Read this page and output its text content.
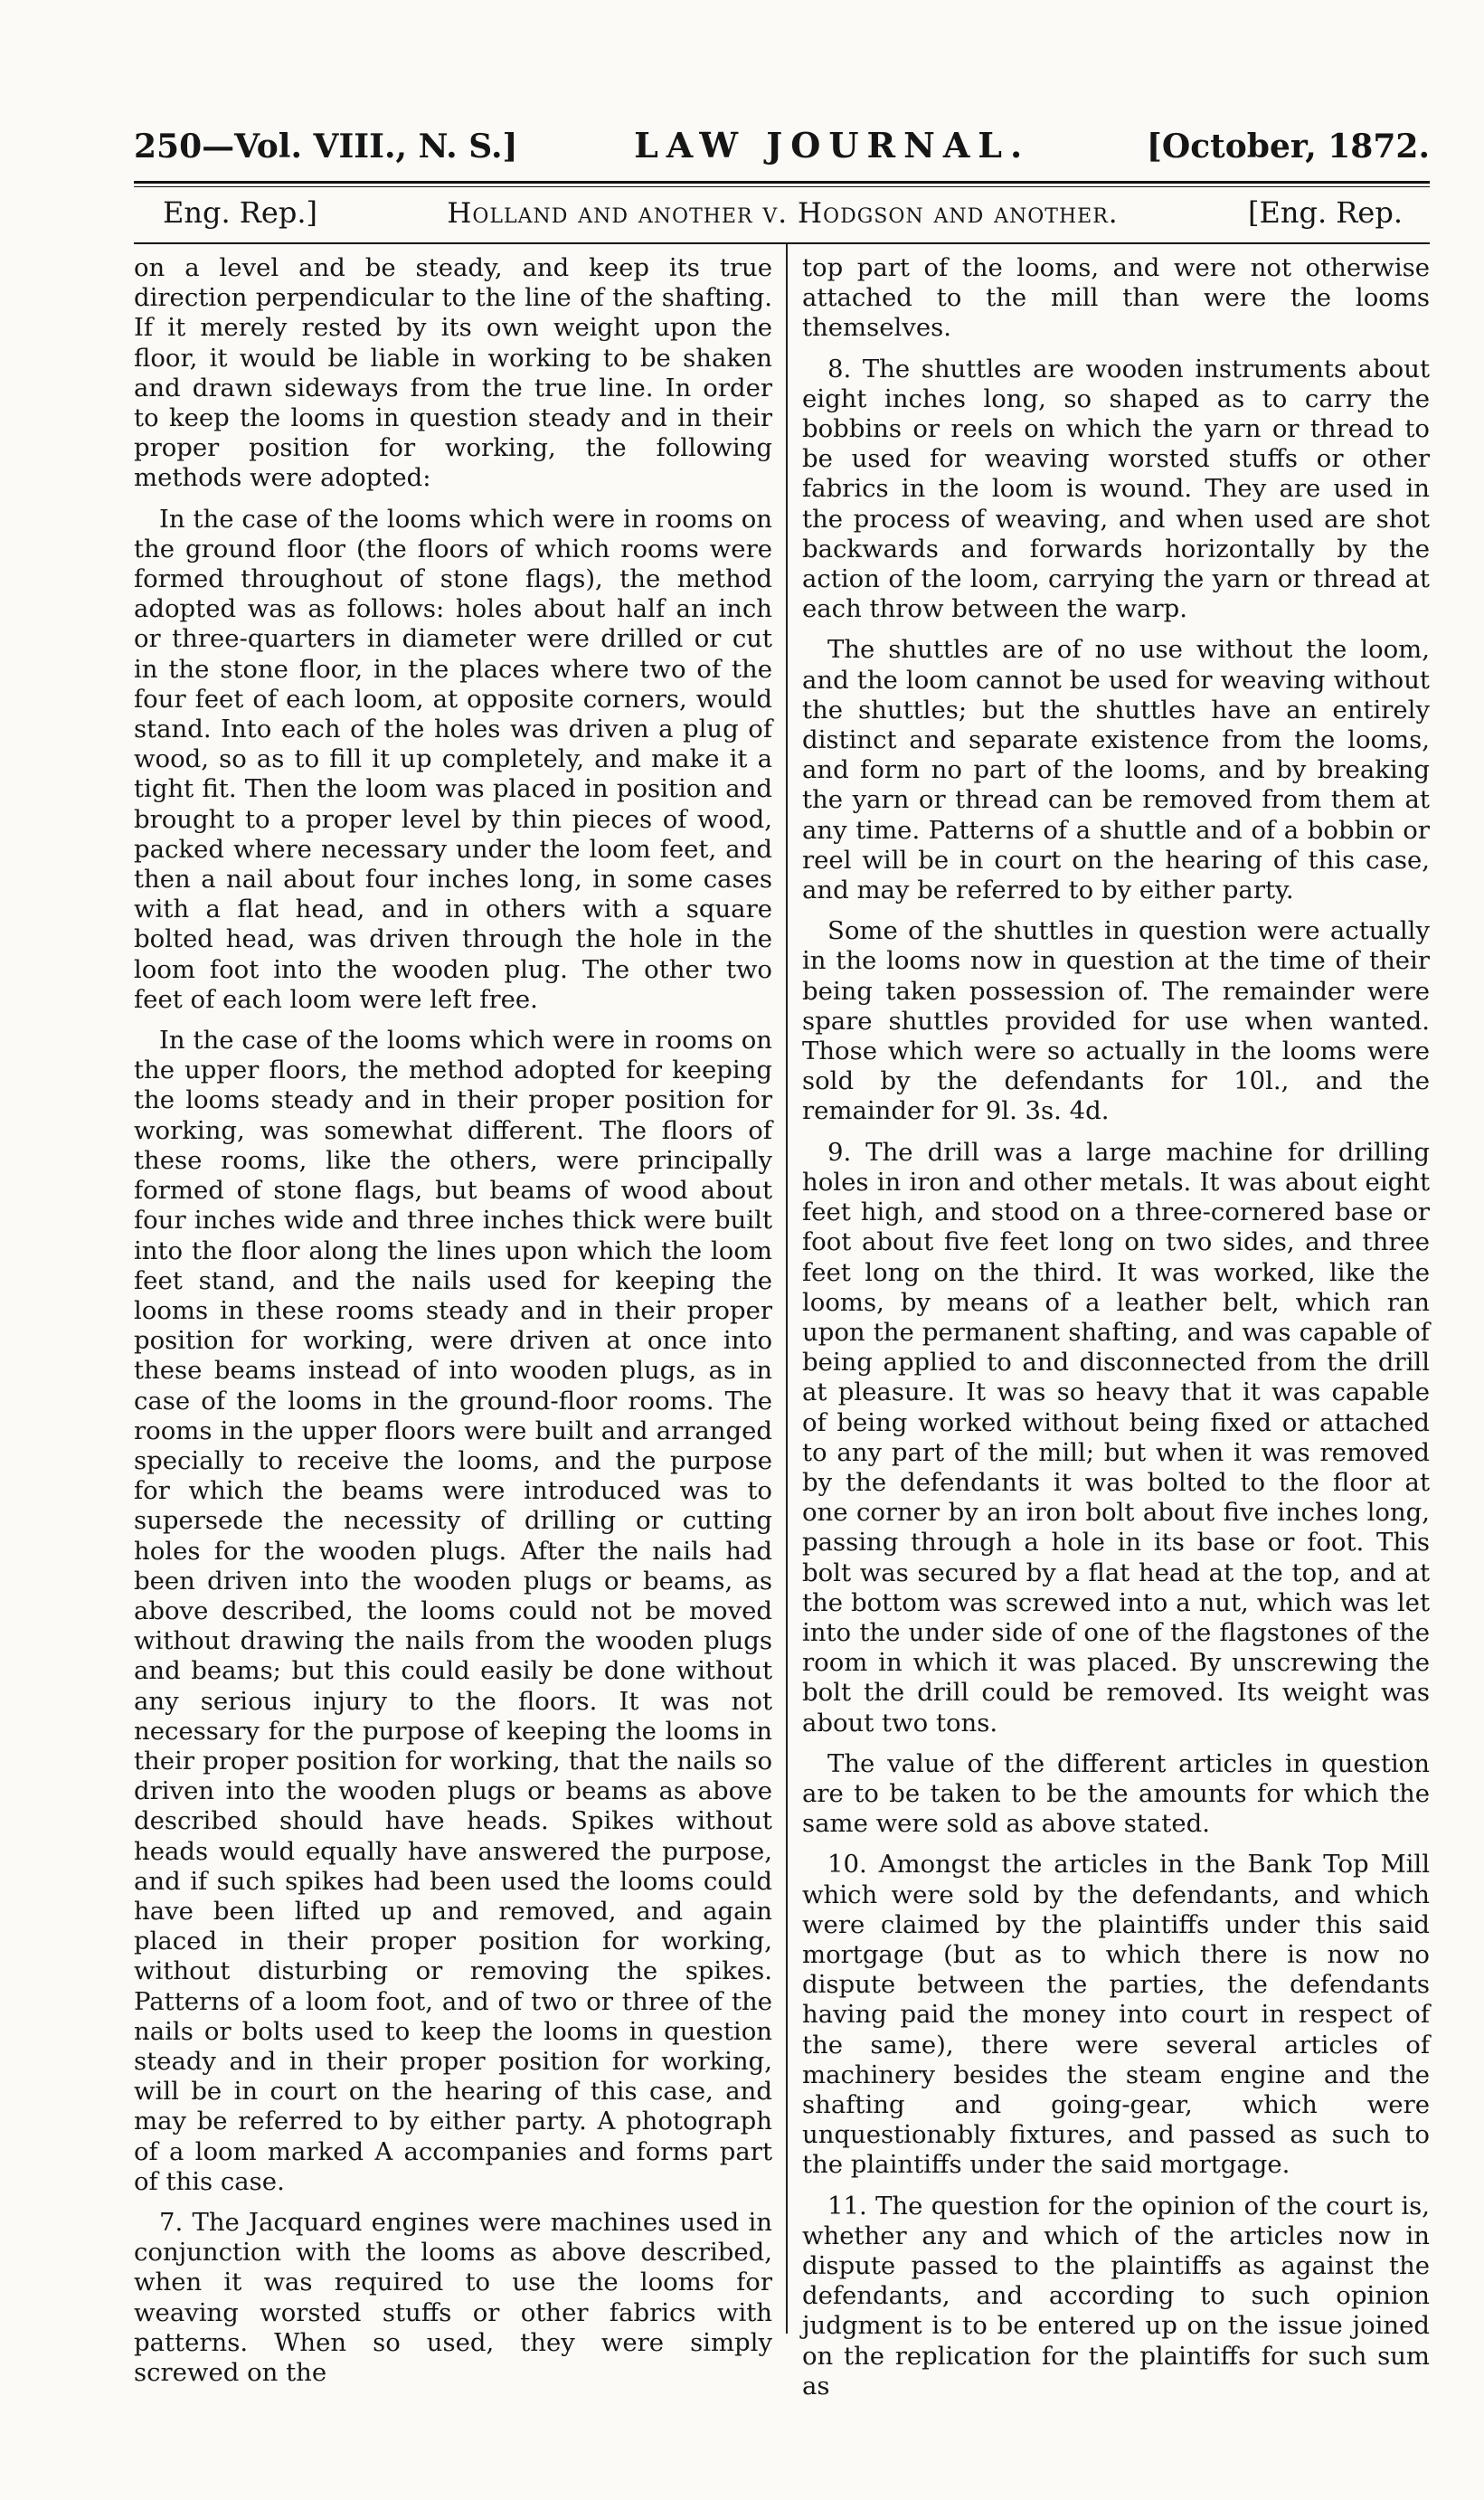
250—Vol. VIII., N. S.]	LAW JOURNAL.	[October, 1872.
Eng. Rep.]	Holland and another v. Hodgson and another.	[Eng. Rep.

on a level and be steady, and keep its true direction perpendicular to the line of the shafting. If it merely rested by its own weight upon the floor, it would be liable in working to be shaken and drawn sideways from the true line. In order to keep the looms in question steady and in their proper position for working, the following methods were adopted:

In the case of the looms which were in rooms on the ground floor (the floors of which rooms were formed throughout of stone flags), the method adopted was as follows: holes about half an inch or three-quarters in diameter were drilled or cut in the stone floor, in the places where two of the four feet of each loom, at opposite corners, would stand. Into each of the holes was driven a plug of wood, so as to fill it up completely, and make it a tight fit. Then the loom was placed in position and brought to a proper level by thin pieces of wood, packed where necessary under the loom feet, and then a nail about four inches long, in some cases with a flat head, and in others with a square bolted head, was driven through the hole in the loom foot into the wooden plug. The other two feet of each loom were left free.

In the case of the looms which were in rooms on the upper floors, the method adopted for keeping the looms steady and in their proper position for working, was somewhat different. The floors of these rooms, like the others, were principally formed of stone flags, but beams of wood about four inches wide and three inches thick were built into the floor along the lines upon which the loom feet stand, and the nails used for keeping the looms in these rooms steady and in their proper position for working, were driven at once into these beams instead of into wooden plugs, as in case of the looms in the ground-floor rooms. The rooms in the upper floors were built and arranged specially to receive the looms, and the purpose for which the beams were introduced was to supersede the necessity of drilling or cutting holes for the wooden plugs. After the nails had been driven into the wooden plugs or beams, as above described, the looms could not be moved without drawing the nails from the wooden plugs and beams; but this could easily be done without any serious injury to the floors. It was not necessary for the purpose of keeping the looms in their proper position for working, that the nails so driven into the wooden plugs or beams as above described should have heads. Spikes without heads would equally have answered the purpose, and if such spikes had been used the looms could have been lifted up and removed, and again placed in their proper position for working, without disturbing or removing the spikes. Patterns of a loom foot, and of two or three of the nails or bolts used to keep the looms in question steady and in their proper position for working, will be in court on the hearing of this case, and may be referred to by either party. A photograph of a loom marked A accompanies and forms part of this case.

7. The Jacquard engines were machines used in conjunction with the looms as above described, when it was required to use the looms for weaving worsted stuffs or other fabrics with patterns. When so used, they were simply screwed on the

top part of the looms, and were not otherwise attached to the mill than were the looms themselves.

8. The shuttles are wooden instruments about eight inches long, so shaped as to carry the bobbins or reels on which the yarn or thread to be used for weaving worsted stuffs or other fabrics in the loom is wound. They are used in the process of weaving, and when used are shot backwards and forwards horizontally by the action of the loom, carrying the yarn or thread at each throw between the warp.

The shuttles are of no use without the loom, and the loom cannot be used for weaving without the shuttles; but the shuttles have an entirely distinct and separate existence from the looms, and form no part of the looms, and by breaking the yarn or thread can be removed from them at any time. Patterns of a shuttle and of a bobbin or reel will be in court on the hearing of this case, and may be referred to by either party.

Some of the shuttles in question were actually in the looms now in question at the time of their being taken possession of. The remainder were spare shuttles provided for use when wanted. Those which were so actually in the looms were sold by the defendants for 10l., and the remainder for 9l. 3s. 4d.

9. The drill was a large machine for drilling holes in iron and other metals. It was about eight feet high, and stood on a three-cornered base or foot about five feet long on two sides, and three feet long on the third. It was worked, like the looms, by means of a leather belt, which ran upon the permanent shafting, and was capable of being applied to and disconnected from the drill at pleasure. It was so heavy that it was capable of being worked without being fixed or attached to any part of the mill; but when it was removed by the defendants it was bolted to the floor at one corner by an iron bolt about five inches long, passing through a hole in its base or foot. This bolt was secured by a flat head at the top, and at the bottom was screwed into a nut, which was let into the under side of one of the flagstones of the room in which it was placed. By unscrewing the bolt the drill could be removed. Its weight was about two tons.

The value of the different articles in question are to be taken to be the amounts for which the same were sold as above stated.

10. Amongst the articles in the Bank Top Mill which were sold by the defendants, and which were claimed by the plaintiffs under this said mortgage (but as to which there is now no dispute between the parties, the defendants having paid the money into court in respect of the same), there were several articles of machinery besides the steam engine and the shafting and going-gear, which were unquestionably fixtures, and passed as such to the plaintiffs under the said mortgage.

11. The question for the opinion of the court is, whether any and which of the articles now in dispute passed to the plaintiffs as against the defendants, and according to such opinion judgment is to be entered up on the issue joined on the replication for the plaintiffs for such sum as
